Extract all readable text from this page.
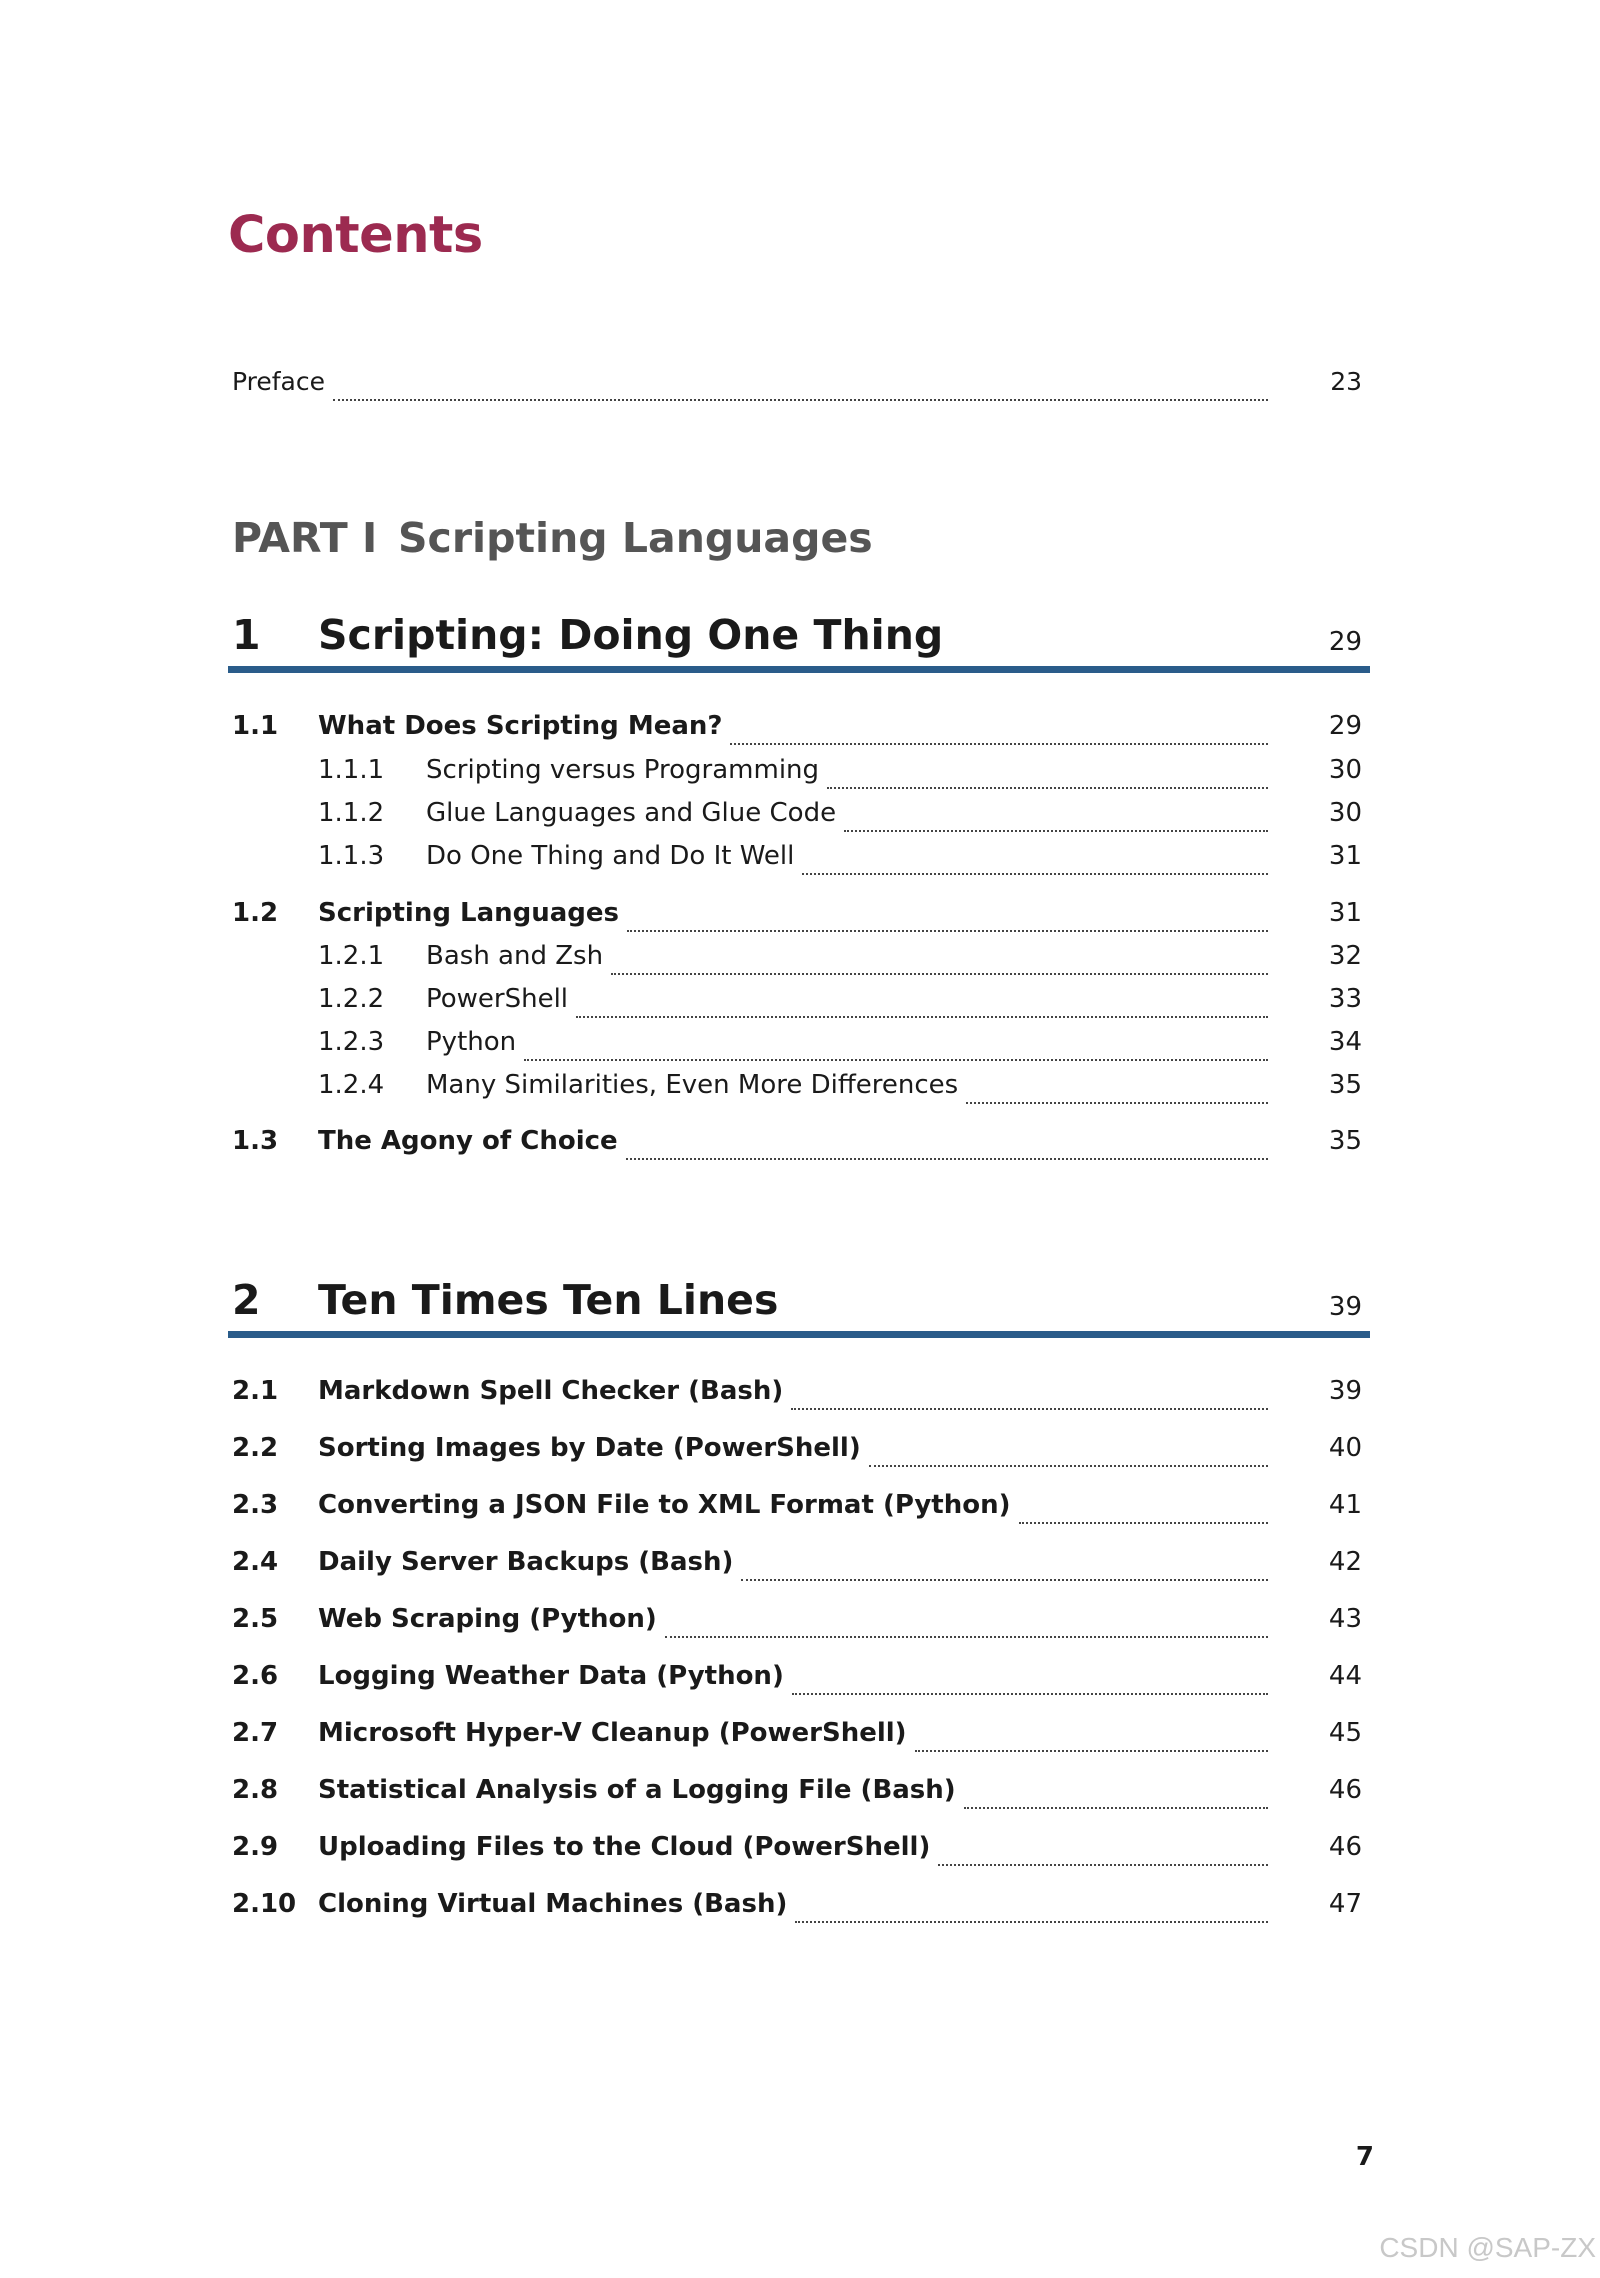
Contents
Preface	23
PART I Scripting Languages
1 Scripting: Doing One Thing	29
1.1	What Does Scripting Mean?	29
1.1.1	Scripting versus Programming	30
1.1.2	Glue Languages and Glue Code	30
1.1.3	Do One Thing and Do It Well	31
1.2	Scripting Languages	31
1.2.1	Bash and Zsh	32
1.2.2	PowerShell	33
1.2.3	Python	34
1.2.4	Many Similarities, Even More Differences	35
1.3	The Agony of Choice	35
2 Ten Times Ten Lines	39
2.1	Markdown Spell Checker (Bash)	39
2.2	Sorting Images by Date (PowerShell)	40
2.3	Converting a JSON File to XML Format (Python)	41
2.4	Daily Server Backups (Bash)	42
2.5	Web Scraping (Python)	43
2.6	Logging Weather Data (Python)	44
2.7	Microsoft Hyper-V Cleanup (PowerShell)	45
2.8	Statistical Analysis of a Logging File (Bash)	46
2.9	Uploading Files to the Cloud (PowerShell)	46
2.10 Cloning Virtual Machines (Bash)	47
7
CSDN @SAP-ZX
